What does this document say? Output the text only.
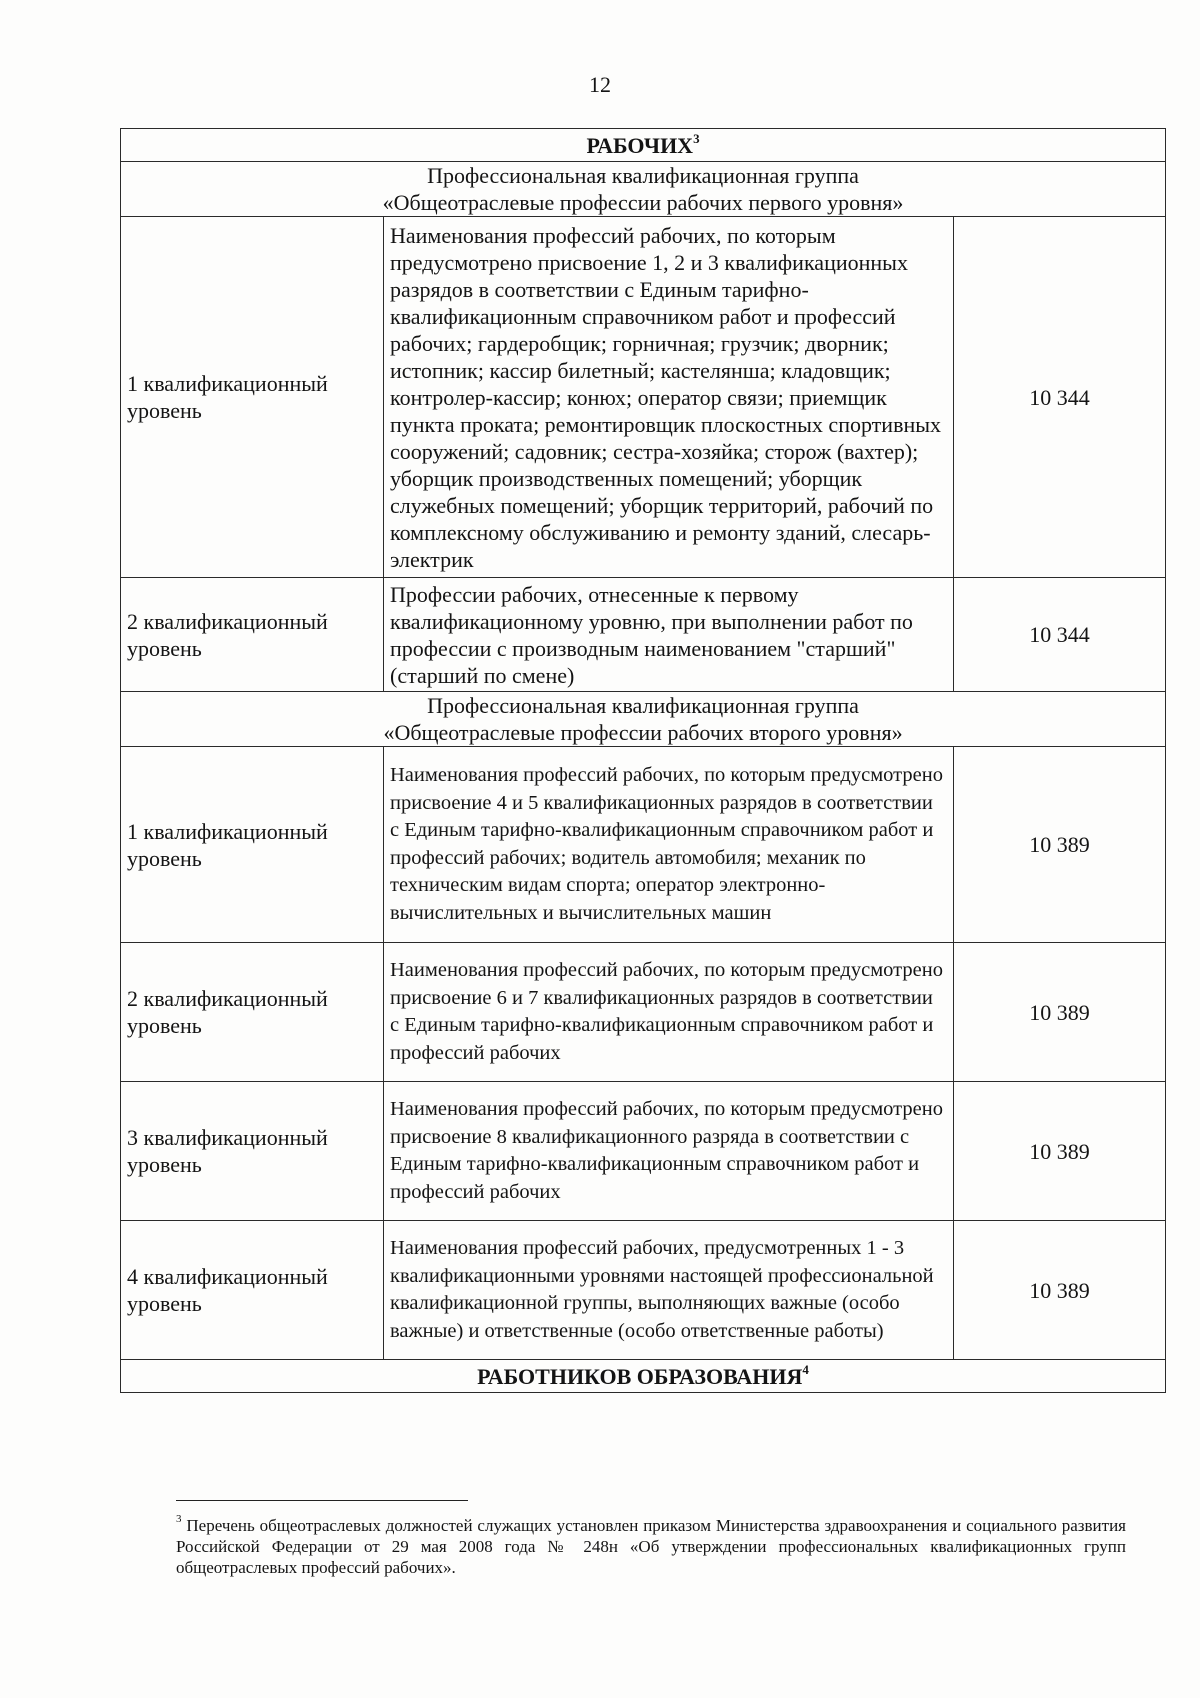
12
РАБОЧИХ$^3$

Профессиональная квалификационная группа
«Общеотраслевые профессии рабочих первого уровня»		

1 квалификационный уровень	Наименования профессий рабочих, по которым предусмотрено присвоение 1, 2 и 3 квалификационных разрядов в соответствии с Единым тарифно-квалификационным справочником работ и профессий рабочих; гардеробщик; горничная; грузчик; дворник; истопник; кассир билетный; кастелянша; кладовщик; контролер-кассир; конюх; оператор связи; приемщик пункта проката; ремонтировщик плоскостных спортивных сооружений; садовник; сестра-хозяйка; сторож (вахтер); уборщик производственных помещений; уборщик служебных помещений; уборщик территорий, рабочий по комплексному обслуживанию и ремонту зданий, слесарь-электрик	10 344
2 квалификационный уровень	Профессии рабочих, отнесенные к первому квалификационному уровню, при выполнении работ по профессии с производным наименованием "старший" (старший по смене)	10 344

Профессиональная квалификационная группа
«Общеотраслевые профессии рабочих второго уровня»		

1 квалификационный уровень	Наименования профессий рабочих, по которым предусмотрено присвоение 4 и 5 квалификационных разрядов в соответствии с Единым тарифно-квалификационным справочником работ и профессий рабочих; водитель автомобиля; механик по техническим видам спорта; оператор электронно-вычислительных и вычислительных машин	10 389
2 квалификационный уровень	Наименования профессий рабочих, по которым предусмотрено присвоение 6 и 7 квалификационных разрядов в соответствии с Единым тарифно-квалификационным справочником работ и профессий рабочих	10 389
3 квалификационный уровень	Наименования профессий рабочих, по которым предусмотрено присвоение 8 квалификационного разряда в соответствии с Единым тарифно-квалификационным справочником работ и профессий рабочих	10 389
4 квалификационный уровень	Наименования профессий рабочих, предусмотренных 1 - 3 квалификационными уровнями настоящей профессиональной квалификационной группы, выполняющих важные (особо важные) и ответственные (особо ответственные работы)	10 389
РАБОТНИКОВ ОБРАЗОВАНИЯ$^4$
$^3$ Перечень общеотраслевых должностей служащих установлен приказом Министерства здравоохранения и социального развития Российской Федерации от 29 мая 2008 года № 248н «Об утверждении профессиональных квалификационных групп общеотраслевых профессий рабочих».
